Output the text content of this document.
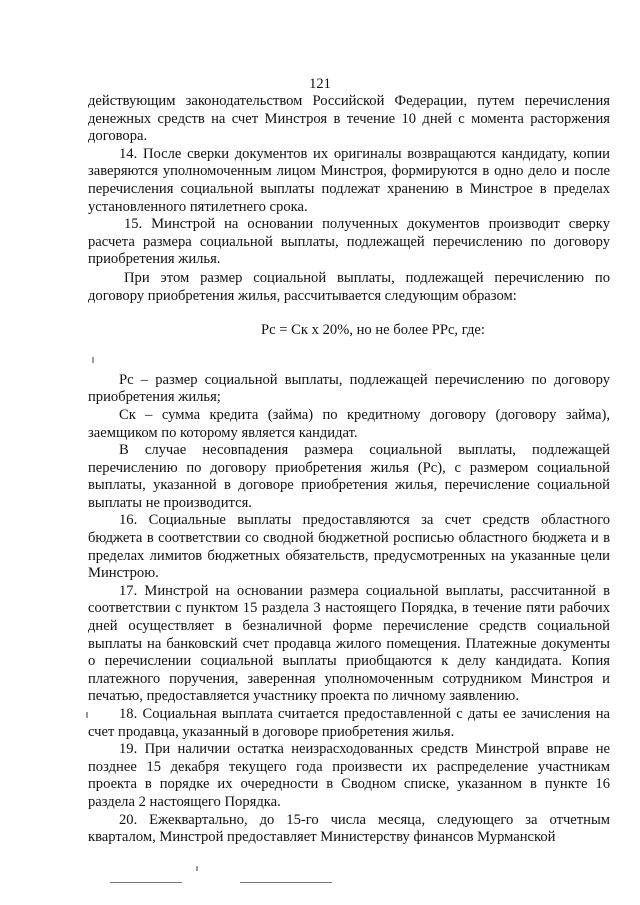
121

действующим законодательством Российской Федерации, путем перечисления денежных средств на счет Минстроя в течение 10 дней с момента расторжения договора.

14. После сверки документов их оригиналы возвращаются кандидату, копии заверяются уполномоченным лицом Минстроя, формируются в одно дело и после перечисления социальной выплаты подлежат хранению в Минстрое в пределах установленного пятилетнего срока.

15. Минстрой на основании полученных документов производит сверку расчета размера социальной выплаты, подлежащей перечислению по договору приобретения жилья.

При этом размер социальной выплаты, подлежащей перечислению по договору приобретения жилья, рассчитывается следующим образом:

Рс = Ск х 20%, но не более РРс, где:

Рс – размер социальной выплаты, подлежащей перечислению по договору приобретения жилья;

Ск – сумма кредита (займа) по кредитному договору (договору займа), заемщиком по которому является кандидат.

В случае несовпадения размера социальной выплаты, подлежащей перечислению по договору приобретения жилья (Рс), с размером социальной выплаты, указанной в договоре приобретения жилья, перечисление социальной выплаты не производится.

16. Социальные выплаты предоставляются за счет средств областного бюджета в соответствии со сводной бюджетной росписью областного бюджета и в пределах лимитов бюджетных обязательств, предусмотренных на указанные цели Минстрою.

17. Минстрой на основании размера социальной выплаты, рассчитанной в соответствии с пунктом 15 раздела 3 настоящего Порядка, в течение пяти рабочих дней осуществляет в безналичной форме перечисление средств социальной выплаты на банковский счет продавца жилого помещения. Платежные документы о перечислении социальной выплаты приобщаются к делу кандидата. Копия платежного поручения, заверенная уполномоченным сотрудником Минстроя и печатью, предоставляется участнику проекта по личному заявлению.

18. Социальная выплата считается предоставленной с даты ее зачисления на счет продавца, указанный в договоре приобретения жилья.

19. При наличии остатка неизрасходованных средств Минстрой вправе не позднее 15 декабря текущего года произвести их распределение участникам проекта в порядке их очередности в Сводном списке, указанном в пункте 16 раздела 2 настоящего Порядка.

20. Ежеквартально, до 15-го числа месяца, следующего за отчетным кварталом, Минстрой предоставляет Министерству финансов Мурманской
